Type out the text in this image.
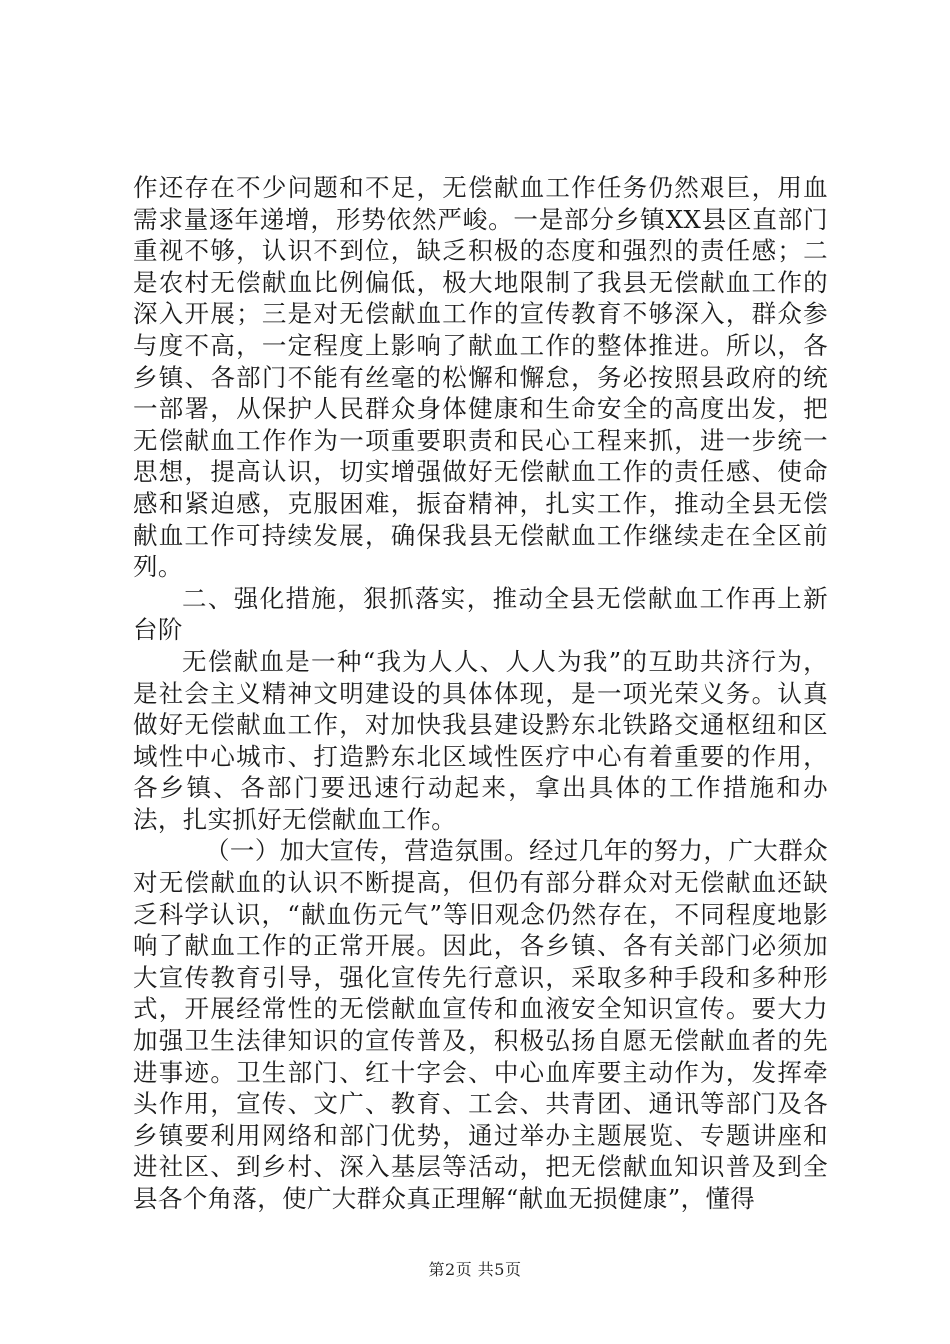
作还存在不少问题和不足，无偿献血工作任务仍然艰巨，用血需求量逐年递增，形势依然严峻。一是部分乡镇XX县区直部门重视不够，认识不到位，缺乏积极的态度和强烈的责任感；二是农村无偿献血比例偏低，极大地限制了我县无偿献血工作的深入开展；三是对无偿献血工作的宣传教育不够深入，群众参与度不高，一定程度上影响了献血工作的整体推进。所以，各乡镇、各部门不能有丝毫的松懈和懈怠，务必按照县政府的统一部署，从保护人民群众身体健康和生命安全的高度出发，把无偿献血工作作为一项重要职责和民心工程来抓，进一步统一思想，提高认识，切实增强做好无偿献血工作的责任感、使命感和紧迫感，克服困难，振奋精神，扎实工作，推动全县无偿献血工作可持续发展，确保我县无偿献血工作继续走在全区前列。

二、强化措施，狠抓落实，推动全县无偿献血工作再上新台阶

无偿献血是一种“我为人人、人人为我”的互助共济行为，是社会主义精神文明建设的具体体现，是一项光荣义务。认真做好无偿献血工作，对加快我县建设黔东北铁路交通枢纽和区域性中心城市、打造黔东北区域性医疗中心有着重要的作用，各乡镇、各部门要迅速行动起来，拿出具体的工作措施和办法，扎实抓好无偿献血工作。

（一）加大宣传，营造氛围。经过几年的努力，广大群众对无偿献血的认识不断提高，但仍有部分群众对无偿献血还缺乏科学认识，“献血伤元气”等旧观念仍然存在，不同程度地影响了献血工作的正常开展。因此，各乡镇、各有关部门必须加大宣传教育引导，强化宣传先行意识，采取多种手段和多种形式，开展经常性的无偿献血宣传和血液安全知识宣传。要大力加强卫生法律知识的宣传普及，积极弘扬自愿无偿献血者的先进事迹。卫生部门、红十字会、中心血库要主动作为，发挥牵头作用，宣传、文广、教育、工会、共青团、通讯等部门及各乡镇要利用网络和部门优势，通过举办主题展览、专题讲座和进社区、到乡村、深入基层等活动，把无偿献血知识普及到全县各个角落，使广大群众真正理解“献血无损健康”，懂得

第2页 共5页
